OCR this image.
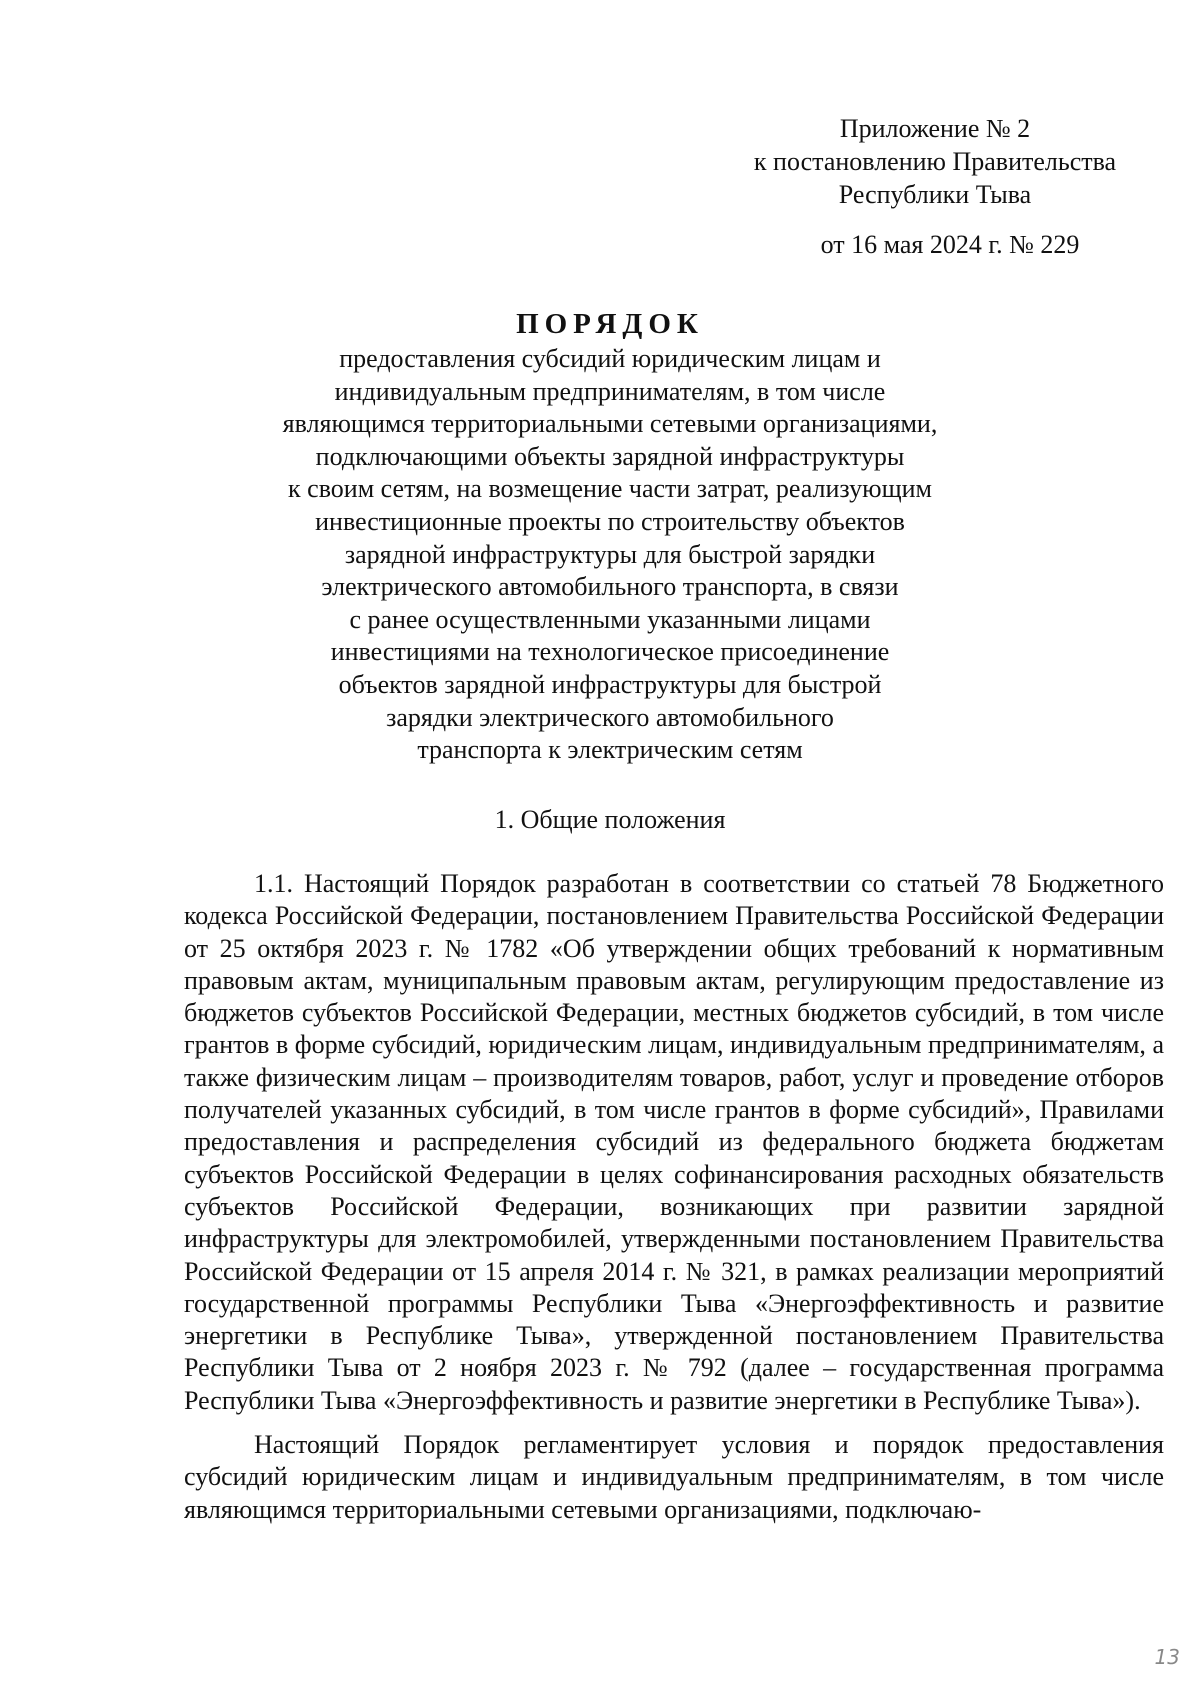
Приложение № 2
к постановлению Правительства
Республики Тыва
от 16 мая 2024 г. № 229
ПОРЯДОК
предоставления субсидий юридическим лицам и
индивидуальным предпринимателям, в том числе
являющимся территориальными сетевыми организациями,
подключающими объекты зарядной инфраструктуры
к своим сетям, на возмещение части затрат, реализующим
инвестиционные проекты по строительству объектов
зарядной инфраструктуры для быстрой зарядки
электрического автомобильного транспорта, в связи
с ранее осуществленными указанными лицами
инвестициями на технологическое присоединение
объектов зарядной инфраструктуры для быстрой
зарядки электрического автомобильного
транспорта к электрическим сетям
1. Общие положения

1.1. Настоящий Порядок разработан в соответствии со статьей 78 Бюджетного кодекса Российской Федерации, постановлением Правительства Российской Федерации от 25 октября 2023 г. № 1782 «Об утверждении общих требований к нормативным правовым актам, муниципальным правовым актам, регулирующим предоставление из бюджетов субъектов Российской Федерации, местных бюджетов субсидий, в том числе грантов в форме субсидий, юридическим лицам, индивидуальным предпринимателям, а также физическим лицам – производителям товаров, работ, услуг и проведение отборов получателей указанных субсидий, в том числе грантов в форме субсидий», Правилами предоставления и распределения субсидий из федерального бюджета бюджетам субъектов Российской Федерации в целях софинансирования расходных обязательств субъектов Российской Федерации, возникающих при развитии зарядной инфраструктуры для электромобилей, утвержденными постановлением Правительства Российской Федерации от 15 апреля 2014 г. № 321, в рамках реализации мероприятий государственной программы Республики Тыва «Энергоэффективность и развитие энергетики в Республике Тыва», утвержденной постановлением Правительства Республики Тыва от 2 ноября 2023 г. № 792 (далее – государственная программа Республики Тыва «Энергоэффективность и развитие энергетики в Республике Тыва»).

Настоящий Порядок регламентирует условия и порядок предоставления субсидий юридическим лицам и индивидуальным предпринимателям, в том числе являющимся территориальными сетевыми организациями, подключаю-

13
